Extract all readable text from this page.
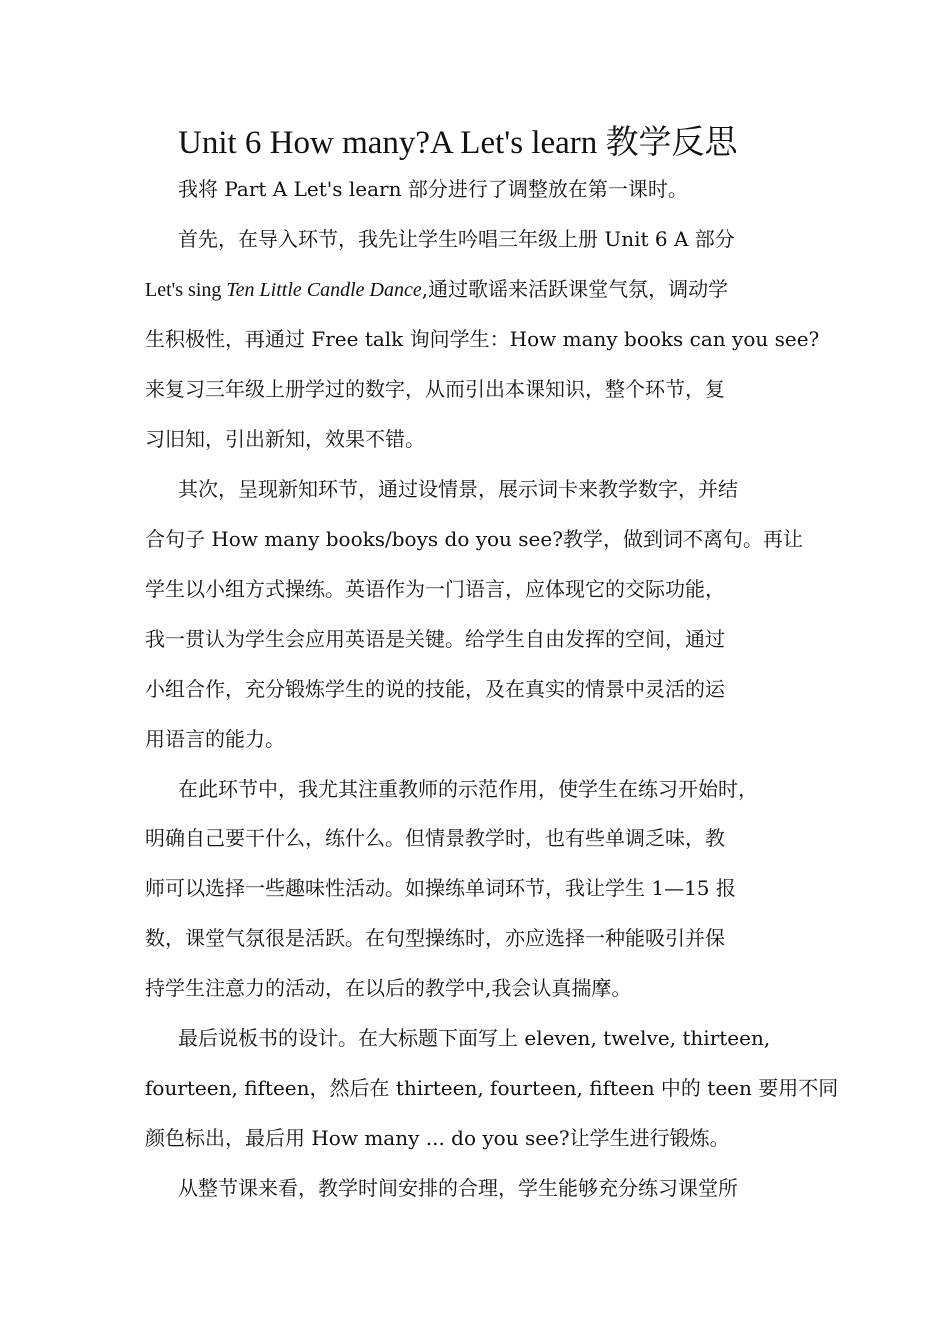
Unit 6 How many?A Let's learn 教学反思
我将 Part A Let's learn 部分进行了调整放在第一课时。
首先，在导入环节，我先让学生吟唱三年级上册 Unit 6 A 部分
Let's sing Ten Little Candle Dance,通过歌谣来活跃课堂气氛，调动学
生积极性，再通过 Free talk 询问学生：How many books can you see?
来复习三年级上册学过的数字，从而引出本课知识，整个环节，复
习旧知，引出新知，效果不错。
其次，呈现新知环节，通过设情景，展示词卡来教学数字，并结
合句子 How many books/boys do you see?教学，做到词不离句。再让
学生以小组方式操练。英语作为一门语言，应体现它的交际功能，
我一贯认为学生会应用英语是关键。给学生自由发挥的空间，通过
小组合作，充分锻炼学生的说的技能，及在真实的情景中灵活的运
用语言的能力。
在此环节中，我尤其注重教师的示范作用，使学生在练习开始时，
明确自己要干什么，练什么。但情景教学时，也有些单调乏味，教
师可以选择一些趣味性活动。如操练单词环节，我让学生 1—15 报
数，课堂气氛很是活跃。在句型操练时，亦应选择一种能吸引并保
持学生注意力的活动，在以后的教学中,我会认真揣摩。
最后说板书的设计。在大标题下面写上 eleven, twelve, thirteen,
fourteen, fifteen，然后在 thirteen, fourteen, fifteen 中的 teen 要用不同
颜色标出，最后用 How many ... do you see?让学生进行锻炼。
从整节课来看，教学时间安排的合理，学生能够充分练习课堂所
